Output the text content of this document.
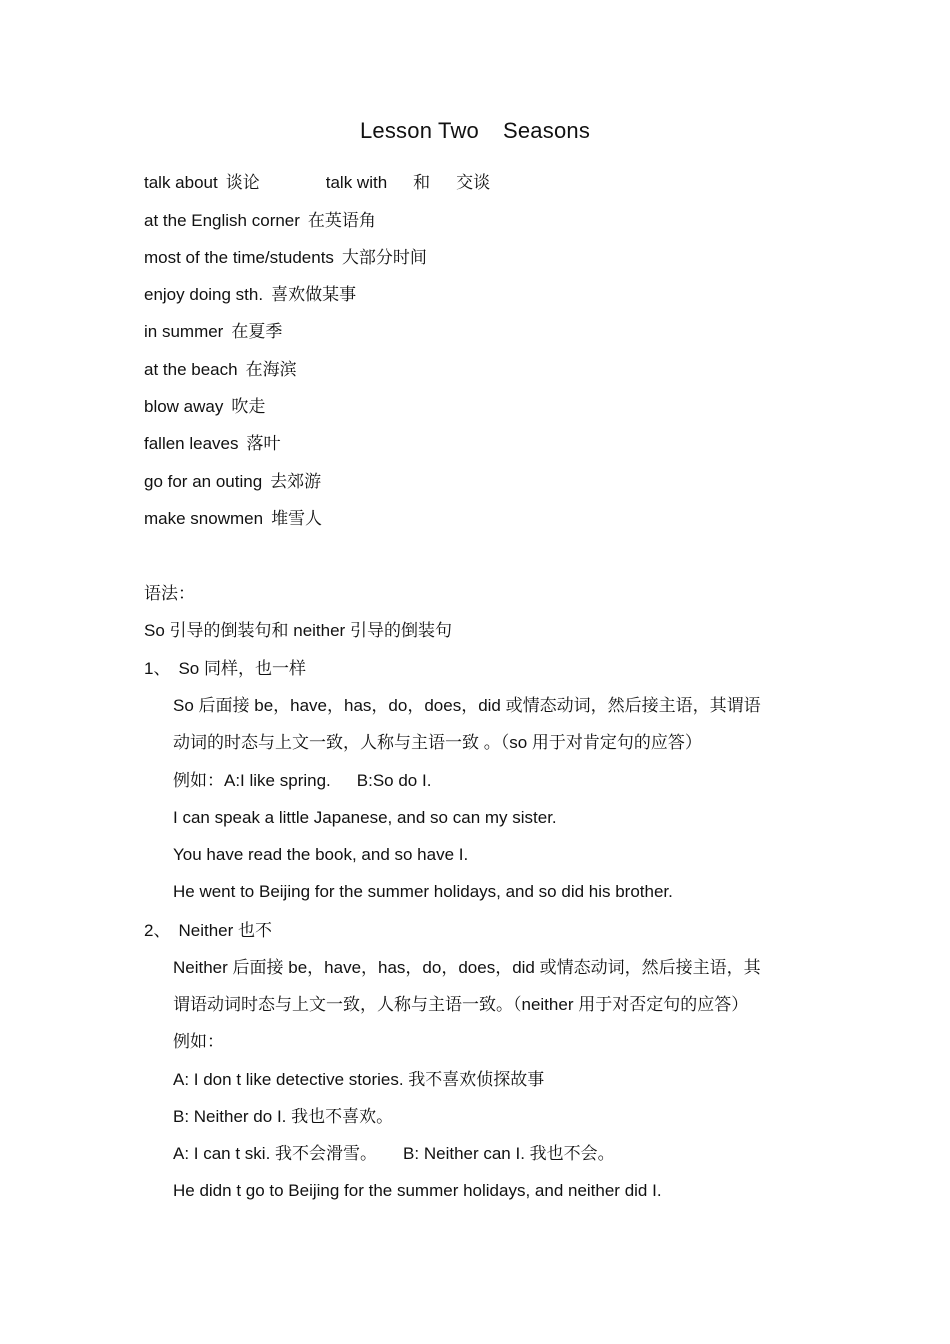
Lesson Two Seasons
talk about 谈论	talk with 和 交谈
at the English corner 在英语角
most of the time/students 大部分时间
enjoy doing sth. 喜欢做某事
in summer 在夏季
at the beach 在海滨
blow away 吹走
fallen leaves 落叶
go for an outing 去郊游
make snowmen 堆雪人
语法：
So 引导的倒装句和 neither 引导的倒装句
1、 So 同样，也一样
So 后面接 be，have，has，do，does，did 或情态动词，然后接主语，其谓语
动词的时态与上文一致，人称与主语一致 。（so 用于对肯定句的应答）
例如：A:I like spring. B:So do I.
I can speak a little Japanese, and so can my sister.
You have read the book, and so have I.
He went to Beijing for the summer holidays, and so did his brother.
2、 Neither 也不
Neither 后面接 be，have，has，do，does，did 或情态动词，然后接主语，其
谓语动词时态与上文一致，人称与主语一致。（neither 用于对否定句的应答）
例如：
A: I don t like detective stories. 我不喜欢侦探故事
B: Neither do I. 我也不喜欢。
A: I can t ski. 我不会滑雪。 B: Neither can I. 我也不会。
He didn t go to Beijing for the summer holidays, and neither did I.
